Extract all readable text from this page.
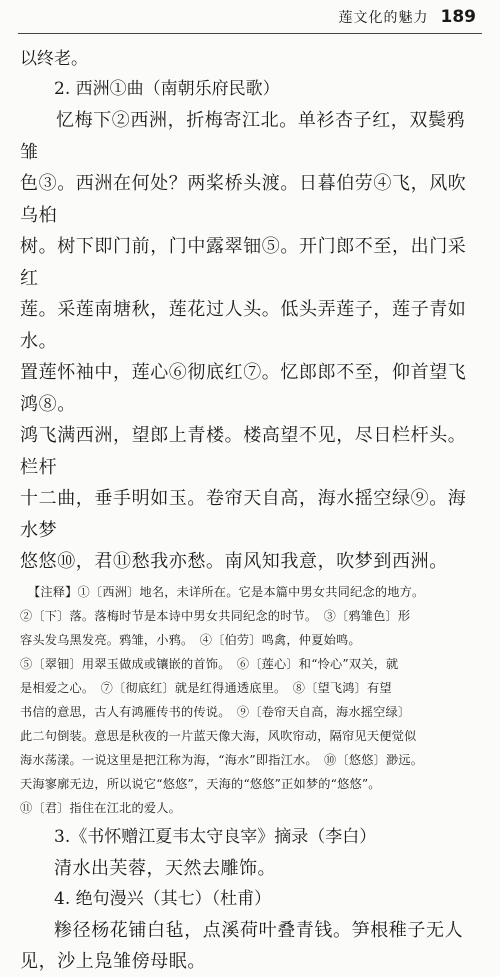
莲文化的魅力 189

以终老。

2. 西洲①曲（南朝乐府民歌）

忆梅下②西洲，折梅寄江北。单衫杏子红，双鬓鸦雏

色③。西洲在何处？两桨桥头渡。日暮伯劳④飞，风吹乌桕

树。树下即门前，门中露翠钿⑤。开门郎不至，出门采红

莲。采莲南塘秋，莲花过人头。低头弄莲子，莲子青如水。

置莲怀袖中，莲心⑥彻底红⑦。忆郎郎不至，仰首望飞鸿⑧。

鸿飞满西洲，望郎上青楼。楼高望不见，尽日栏杆头。栏杆

十二曲，垂手明如玉。卷帘天自高，海水摇空绿⑨。海水梦

悠悠⑩，君⑪愁我亦愁。南风知我意，吹梦到西洲。

【注释】①〔西洲〕地名，未详所在。它是本篇中男女共同纪念的地方。
②〔下〕落。落梅时节是本诗中男女共同纪念的时节。　③〔鸦雏色〕形
容头发乌黑发亮。鸦雏，小鸦。　④〔伯劳〕鸣禽，仲夏始鸣。
⑤〔翠钿〕用翠玉做成或镶嵌的首饰。　⑥〔莲心〕和“怜心”双关，就
是相爱之心。　⑦〔彻底红〕就是红得通透底里。　⑧〔望飞鸿〕有望
书信的意思，古人有鸿雁传书的传说。　⑨〔卷帘天自高，海水摇空绿〕
此二句倒装。意思是秋夜的一片蓝天像大海，风吹帘动，隔帘见天便觉似
海水荡漾。一说这里是把江称为海，“海水”即指江水。　⑩〔悠悠〕渺远。
天海寥廓无边，所以说它“悠悠”，天海的“悠悠”正如梦的“悠悠”。
⑪〔君〕指住在江北的爱人。

3.《书怀赠江夏韦太守良宰》摘录（李白）

清水出芙蓉，天然去雕饰。

4. 绝句漫兴（其七）（杜甫）

糁径杨花铺白毡，点溪荷叶叠青钱。笋根稚子无人

见，沙上凫雏傍母眠。
